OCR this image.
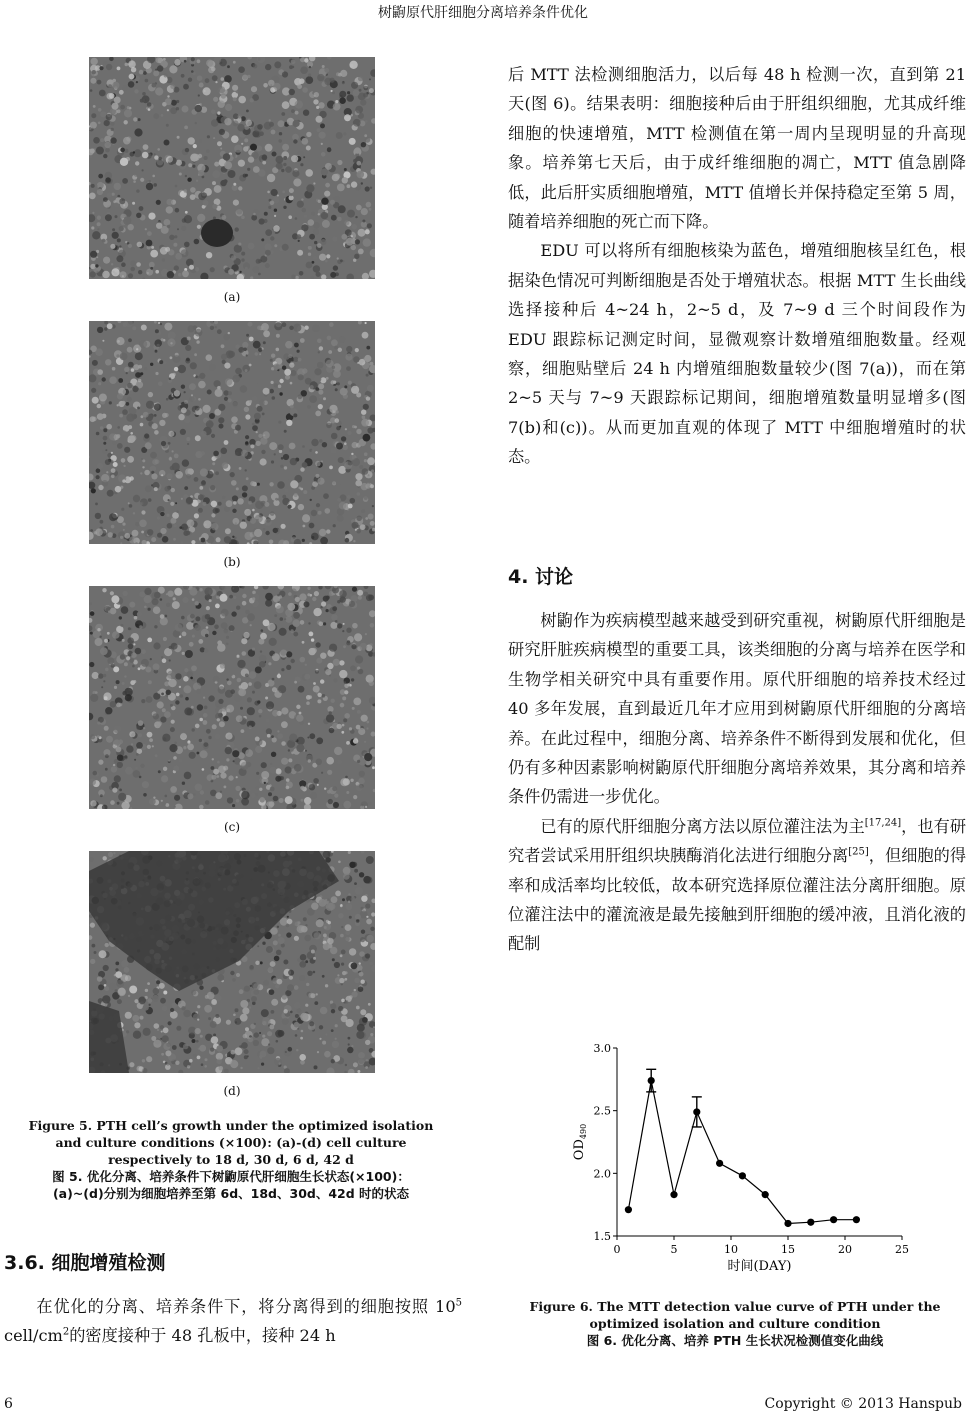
树鼩原代肝细胞分离培养条件优化
(a)
(b)
(c)
(d)
Figure 5. PTH cell’s growth under the optimized isolation and culture conditions (×100): (a)-(d) cell culture respectively to 18 d, 30 d, 6 d, 42 d
图 5. 优化分离、培养条件下树鼩原代肝细胞生长状态(×100)：
(a)~(d)分别为细胞培养至第 6d、18d、30d、42d 时的状态
3.6. 细胞增殖检测

在优化的分离、培养条件下，将分离得到的细胞按照 $10^5$ cell/$cm^2$的密度接种于 48 孔板中，接种 24 h

后 MTT 法检测细胞活力，以后每 48 h 检测一次，直到第 21 天(图 6)。结果表明：细胞接种后由于肝组织细胞，尤其成纤维细胞的快速增殖，MTT 检测值在第一周内呈现明显的升高现象。培养第七天后，由于成纤维细胞的凋亡，MTT 值急剧降低，此后肝实质细胞增殖，MTT 值增长并保持稳定至第 5 周，随着培养细胞的死亡而下降。

EDU 可以将所有细胞核染为蓝色，增殖细胞核呈红色，根据染色情况可判断细胞是否处于增殖状态。根据 MTT 生长曲线选择接种后 4~24 h，2~5 d，及 7~9 d 三个时间段作为 EDU 跟踪标记测定时间，显微观察计数增殖细胞数量。经观察，细胞贴壁后 24 h 内增殖细胞数量较少(图 7(a))，而在第 2~5 天与 7~9 天跟踪标记期间，细胞增殖数量明显增多(图 7(b)和(c))。从而更加直观的体现了 MTT 中细胞增殖时的状态。

4. 讨论

树鼩作为疾病模型越来越受到研究重视，树鼩原代肝细胞是研究肝脏疾病模型的重要工具，该类细胞的分离与培养在医学和生物学相关研究中具有重要作用。原代肝细胞的培养技术经过 40 多年发展，直到最近几年才应用到树鼩原代肝细胞的分离培养。在此过程中，细胞分离、培养条件不断得到发展和优化，但仍有多种因素影响树鼩原代肝细胞分离培养效果，其分离和培养条件仍需进一步优化。

已有的原代肝细胞分离方法以原位灌注法为主[17,24]，也有研究者尝试采用肝组织块胰酶消化法进行细胞分离[25]，但细胞的得率和成活率均比较低，故本研究选择原位灌注法分离肝细胞。原位灌注法中的灌流液是最先接触到肝细胞的缓冲液，且消化液的配制

1.5
2.0
2.5
3.0
0	5	10	15	20	25
$OD_{490}$
时间(DAY)
Figure 6. The MTT detection value curve of PTH under the optimized isolation and culture condition
图 6. 优化分离、培养 PTH 生长状况检测值变化曲线
6	Copyright © 2013 Hanspub
